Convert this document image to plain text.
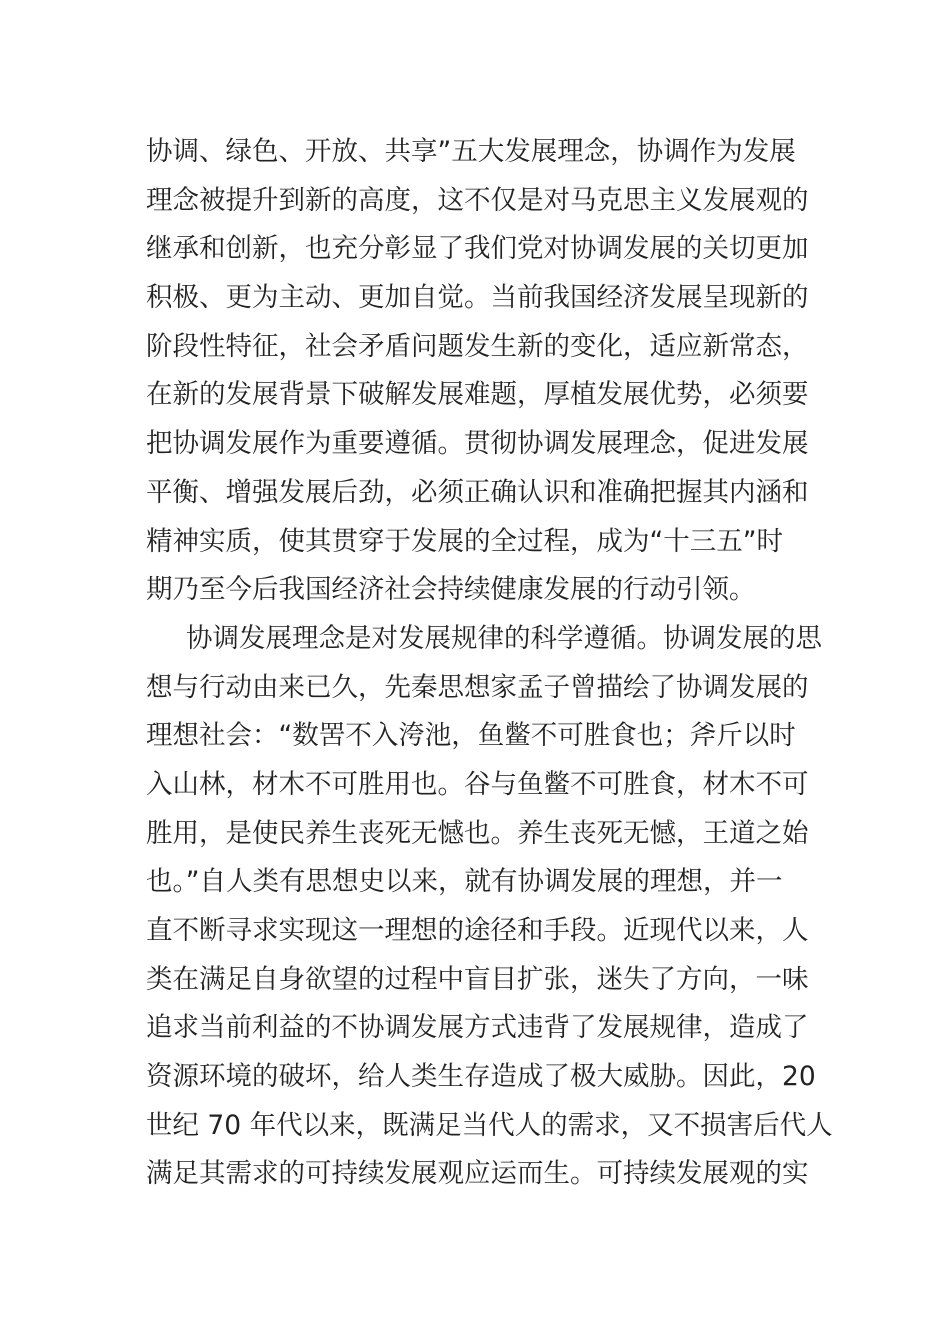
协调、绿色、开放、共享”五大发展理念，协调作为发展
理念被提升到新的高度，这不仅是对马克思主义发展观的
继承和创新，也充分彰显了我们党对协调发展的关切更加
积极、更为主动、更加自觉。当前我国经济发展呈现新的
阶段性特征，社会矛盾问题发生新的变化，适应新常态，
在新的发展背景下破解发展难题，厚植发展优势，必须要
把协调发展作为重要遵循。贯彻协调发展理念，促进发展
平衡、增强发展后劲，必须正确认识和准确把握其内涵和
精神实质，使其贯穿于发展的全过程，成为“十三五”时
期乃至今后我国经济社会持续健康发展的行动引领。
协调发展理念是对发展规律的科学遵循。协调发展的思
想与行动由来已久，先秦思想家孟子曾描绘了协调发展的
理想社会：“数罟不入洿池，鱼鳖不可胜食也；斧斤以时
入山林，材木不可胜用也。谷与鱼鳖不可胜食，材木不可
胜用，是使民养生丧死无憾也。养生丧死无憾，王道之始
也。”自人类有思想史以来，就有协调发展的理想，并一
直不断寻求实现这一理想的途径和手段。近现代以来，人
类在满足自身欲望的过程中盲目扩张，迷失了方向，一味
追求当前利益的不协调发展方式违背了发展规律，造成了
资源环境的破坏，给人类生存造成了极大威胁。因此，20
世纪 70 年代以来，既满足当代人的需求，又不损害后代人
满足其需求的可持续发展观应运而生。可持续发展观的实
